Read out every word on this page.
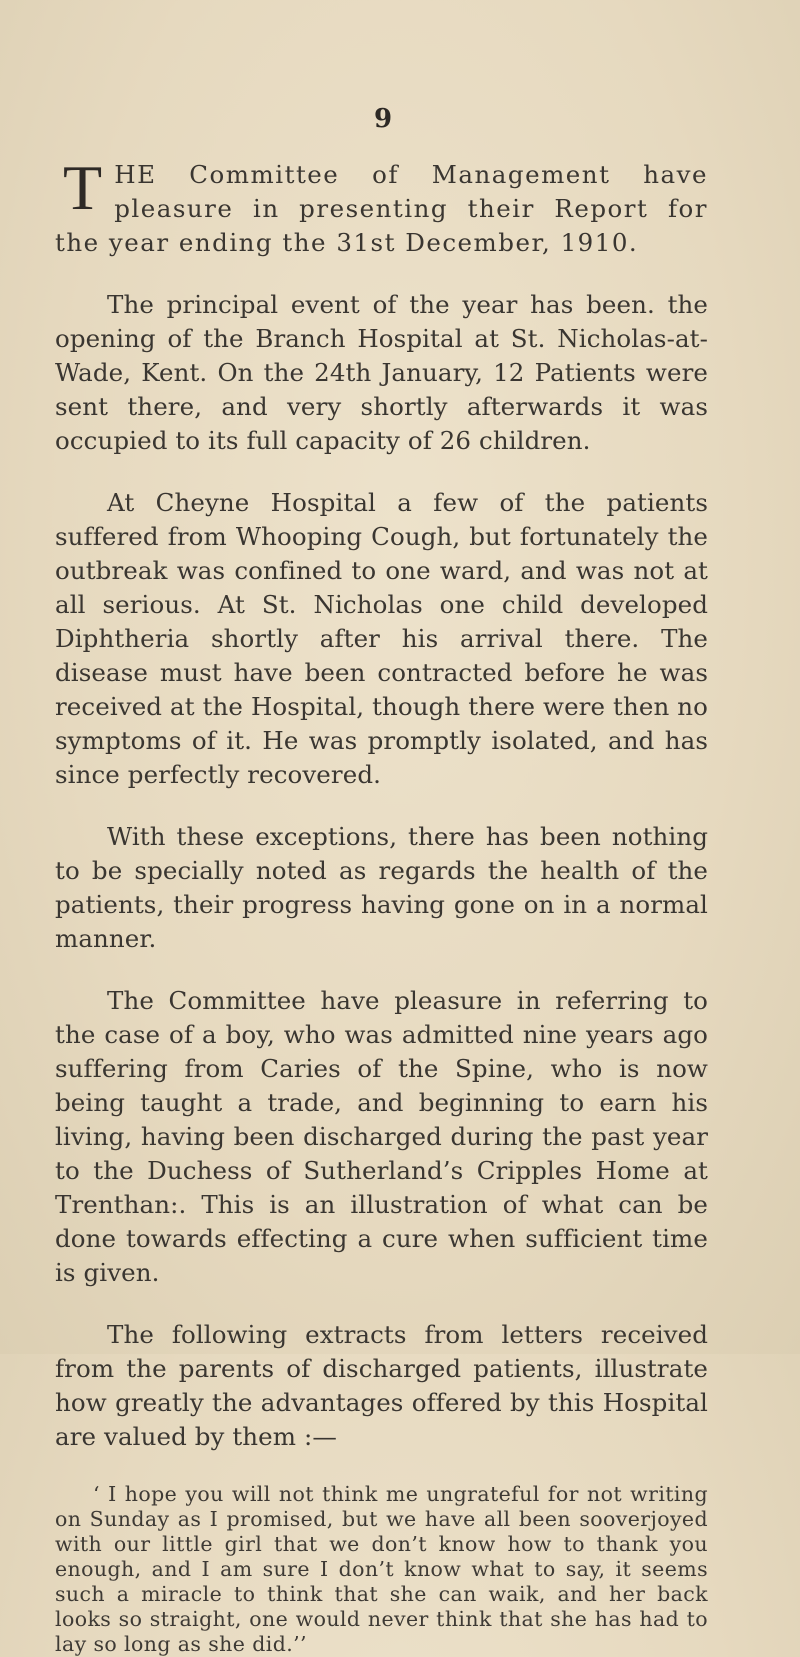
9

THE Committee of Management have pleasure in presenting their Report for the year ending the 31st December, 1910.

The principal event of the year has been. the opening of the Branch Hospital at St. Nicholas-at-Wade, Kent. On the 24th January, 12 Patients were sent there, and very shortly afterwards it was occupied to its full capacity of 26 children.

At Cheyne Hospital a few of the patients suffered from Whooping Cough, but fortunately the outbreak was confined to one ward, and was not at all serious. At St. Nicholas one child developed Diphtheria shortly after his arrival there. The disease must have been contracted before he was received at the Hospital, though there were then no symptoms of it. He was promptly isolated, and has since perfectly recovered.

With these exceptions, there has been nothing to be specially noted as regards the health of the patients, their progress having gone on in a normal manner.

The Committee have pleasure in referring to the case of a boy, who was admitted nine years ago suffering from Caries of the Spine, who is now being taught a trade, and beginning to earn his living, having been discharged during the past year to the Duchess of Sutherland’s Cripples Home at Trenthan:. This is an illustration of what can be done towards effecting a cure when sufficient time is given.

The following extracts from letters received from the parents of discharged patients, illustrate how greatly the advantages offered by this Hospital are valued by them :—

‘ I hope you will not think me ungrateful for not writing on Sunday as I promised, but we have all been sooverjoyed with our little girl that we don’t know how to thank you enough, and I am sure I don’t know what to say, it seems such a miracle to think that she can waik, and her back looks so straight, one would never think that she has had to lay so long as she did.’’
